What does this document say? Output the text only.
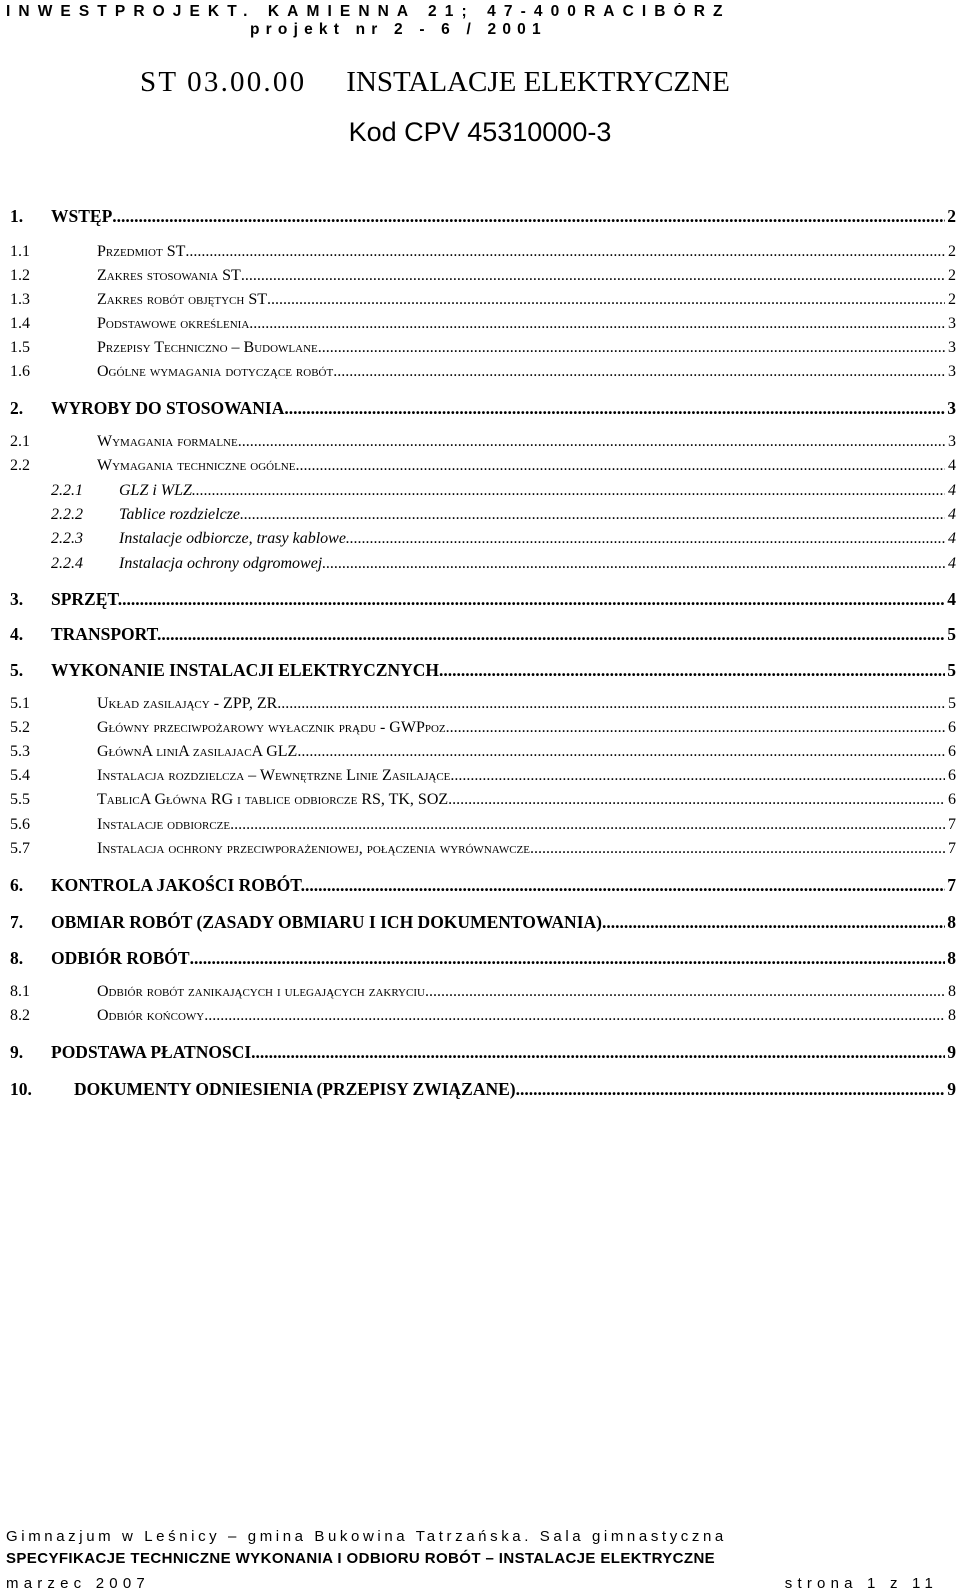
INWESTPROJEKT. KAMIENNA 21; 47-400RACIBÓRZ
projekt nr 2 - 6 / 2001
ST 03.00.00 INSTALACJE ELEKTRYCZNE
Kod CPV 45310000-3
1.	WSTĘP .....	2
1.1	Przedmiot ST .....	2
1.2	Zakres stosowania ST .....	2
1.3	Zakres robót objętych ST .....	2
1.4	Podstawowe określenia .....	3
1.5	Przepisy Techniczno – Budowlane .....	3
1.6	Ogólne wymagania dotyczące robót .....	3
2.	WYROBY DO STOSOWANIA .....	3
2.1	Wymagania formalne .....	3
2.2	Wymagania techniczne ogólne .....	4
2.2.1	GLZ i WLZ .....	4
2.2.2	Tablice rozdzielcze .....	4
2.2.3	Instalacje odbiorcze, trasy kablowe .....	4
2.2.4	Instalacja ochrony odgromowej .....	4
3.	SPRZĘT. .....	4
4.	TRANSPORT. .....	5
5.	WYKONANIE INSTALACJI ELEKTRYCZNYCH .....	5
5.1	Układ zasilający - ZPP, ZR .....	5
5.2	Główny przeciwpożarowy wyłacznik prądu - GWPpoz .....	6
5.3	GłównA liniA zasilajacA GLZ .....	6
5.4	Instalacja rozdzielcza – Wewnętrzne Linie Zasilające .....	6
5.5	TablicA Główna RG i tablice odbiorcze RS, TK, SOZ .....	6
5.6	Instalacje odbiorcze .....	7
5.7	Instalacja ochrony przeciwporażeniowej, połączenia wyrównawcze .....	7
6.	KONTROLA JAKOŚCI ROBÓT. .....	7
7.	OBMIAR ROBÓT (ZASADY OBMIARU I ICH DOKUMENTOWANIA) .....	8
8.	ODBIÓR ROBÓT .....	8
8.1	Odbiór robót zanikających i ulegających zakryciu. .....	8
8.2	Odbiór końcowy .....	8
9.	PODSTAWA PŁATNOSCI .....	9
10.	DOKUMENTY ODNIESIENIA (PRZEPISY ZWIĄZANE) .....	9
Gimnazjum w Leśnicy – gmina Bukowina Tatrzańska. Sala gimnastyczna
SPECYFIKACJE TECHNICZNE WYKONANIA I ODBIORU ROBÓT – INSTALACJE ELEKTRYCZNE
marzec 2007	strona 1 z 11
